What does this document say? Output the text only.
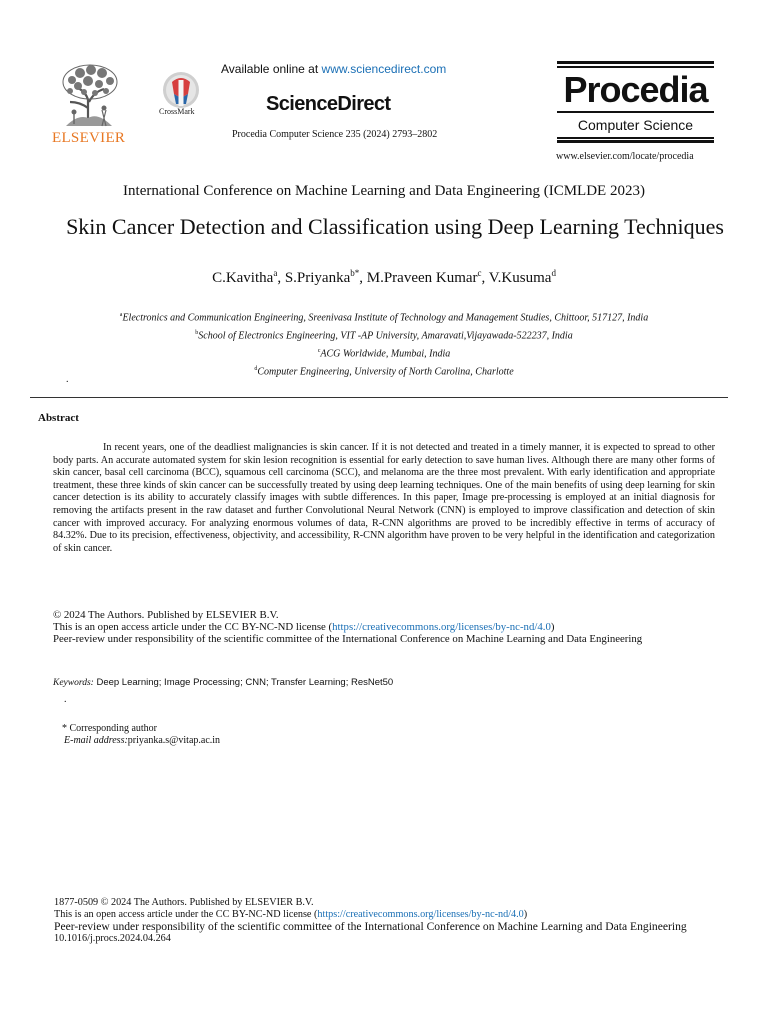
ELSEVIER
CrossMark
Available online at www.sciencedirect.com
ScienceDirect
Procedia Computer Science 235 (2024) 2793–2802
Procedia
Computer Science
www.elsevier.com/locate/procedia
International Conference on Machine Learning and Data Engineering (ICMLDE 2023)
Skin Cancer Detection and Classification using Deep Learning Techniques
C.Kavitha$^a$, S.Priyanka$^{b*}$, M.Praveen Kumar$^c$, V.Kusuma$^d$
$^a$Electronics and Communication Engineering, Sreenivasa Institute of Technology and Management Studies, Chittoor, 517127, India
$^b$School of Electronics Engineering, VIT -AP University, Amaravati,Vijayawada-522237, India
$^c$ACG Worldwide, Mumbai, India
$^d$Computer Engineering, University of North Carolina, Charlotte
.
Abstract
In recent years, one of the deadliest malignancies is skin cancer. If it is not detected and treated in a timely manner, it is expected to spread to other body parts. An accurate automated system for skin lesion recognition is essential for early detection to save human lives. Although there are many other forms of skin cancer, basal cell carcinoma (BCC), squamous cell carcinoma (SCC), and melanoma are the three most prevalent. With early identification and appropriate treatment, these three kinds of skin cancer can be successfully treated by using deep learning techniques. One of the main benefits of using deep learning for skin cancer detection is its ability to accurately classify images with subtle differences. In this paper, Image pre-processing is employed at an initial diagnosis for removing the artifacts present in the raw dataset and further Convolutional Neural Network (CNN) is employed to improve classification and detection of skin cancer with improved accuracy. For analyzing enormous volumes of data, R-CNN algorithms are proved to be incredibly effective in terms of accuracy of 84.32%. Due to its precision, effectiveness, objectivity, and accessibility, R-CNN algorithm have proven to be very helpful in the identification and categorization of skin cancer.
© 2024 The Authors. Published by ELSEVIER B.V.
This is an open access article under the CC BY-NC-ND license (https://creativecommons.org/licenses/by-nc-nd/4.0)
Peer-review under responsibility of the scientific committee of the International Conference on Machine Learning and Data Engineering
Keywords: Deep Learning; Image Processing; CNN; Transfer Learning; ResNet50
.
* Corresponding author
E-mail address:priyanka.s@vitap.ac.in
1877-0509 © 2024 The Authors. Published by ELSEVIER B.V.
This is an open access article under the CC BY-NC-ND license (https://creativecommons.org/licenses/by-nc-nd/4.0)
Peer-review under responsibility of the scientific committee of the International Conference on Machine Learning and Data Engineering
10.1016/j.procs.2024.04.264
